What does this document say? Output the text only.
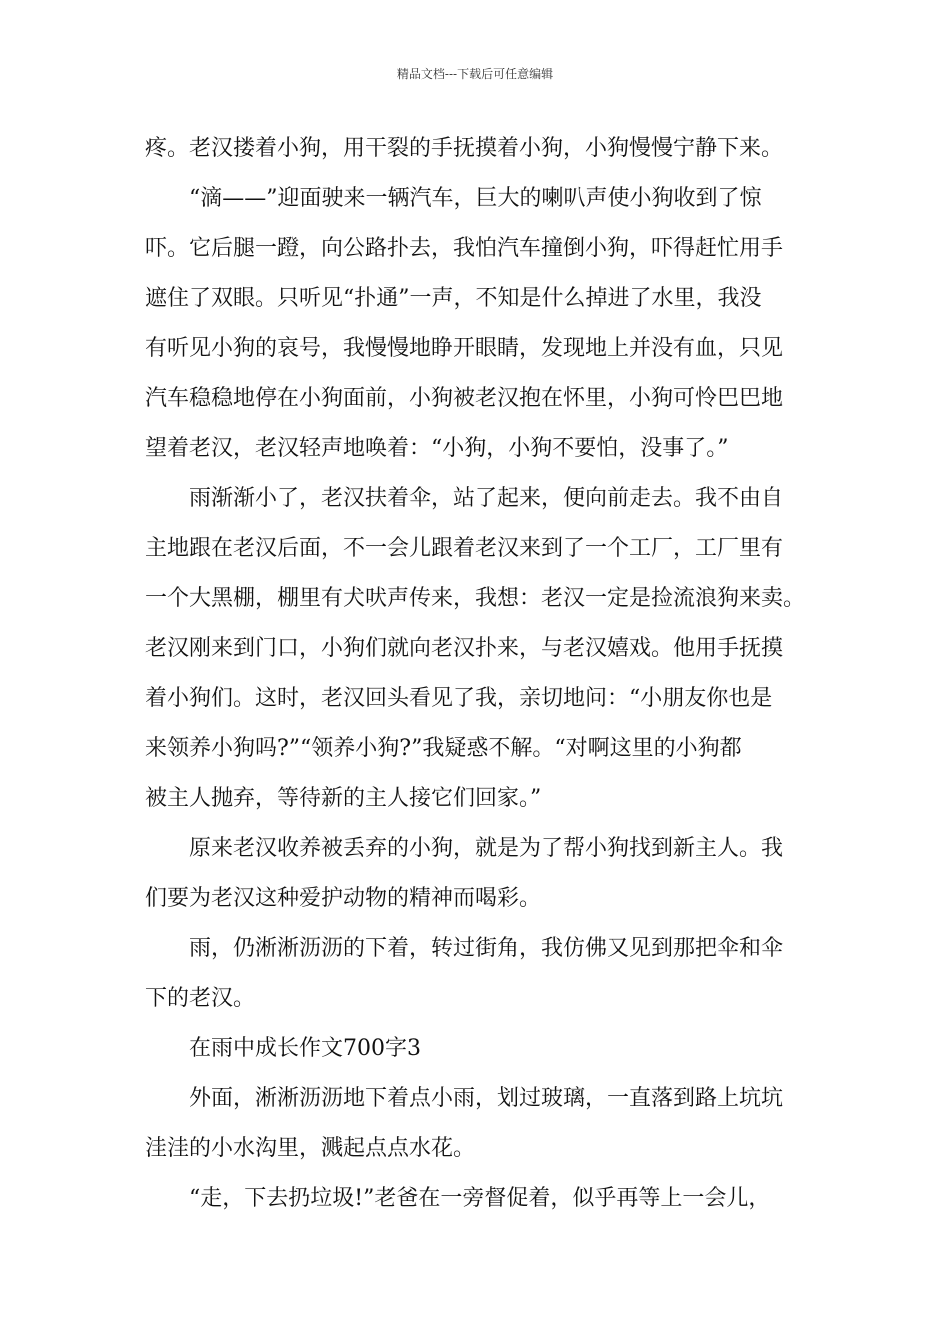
精品文档---下载后可任意编辑

疼。老汉搂着小狗，用干裂的手抚摸着小狗，小狗慢慢宁静下来。

“滴——”迎面驶来一辆汽车，巨大的喇叭声使小狗收到了惊
吓。它后腿一蹬，向公路扑去，我怕汽车撞倒小狗，吓得赶忙用手
遮住了双眼。只听见“扑通”一声，不知是什么掉进了水里，我没
有听见小狗的哀号，我慢慢地睁开眼睛，发现地上并没有血，只见
汽车稳稳地停在小狗面前，小狗被老汉抱在怀里，小狗可怜巴巴地
望着老汉，老汉轻声地唤着：“小狗，小狗不要怕，没事了。”

雨渐渐小了，老汉扶着伞，站了起来，便向前走去。我不由自
主地跟在老汉后面，不一会儿跟着老汉来到了一个工厂，工厂里有
一个大黑棚，棚里有犬吠声传来，我想：老汉一定是捡流浪狗来卖。
老汉刚来到门口，小狗们就向老汉扑来，与老汉嬉戏。他用手抚摸
着小狗们。这时，老汉回头看见了我，亲切地问：“小朋友你也是
来领养小狗吗?”“领养小狗?”我疑惑不解。“对啊这里的小狗都
被主人抛弃，等待新的主人接它们回家。”

原来老汉收养被丢弃的小狗，就是为了帮小狗找到新主人。我
们要为老汉这种爱护动物的精神而喝彩。

雨，仍淅淅沥沥的下着，转过街角，我仿佛又见到那把伞和伞
下的老汉。

在雨中成长作文700字3

外面，淅淅沥沥地下着点小雨，划过玻璃，一直落到路上坑坑
洼洼的小水沟里，溅起点点水花。

“走，下去扔垃圾!”老爸在一旁督促着，似乎再等上一会儿，
